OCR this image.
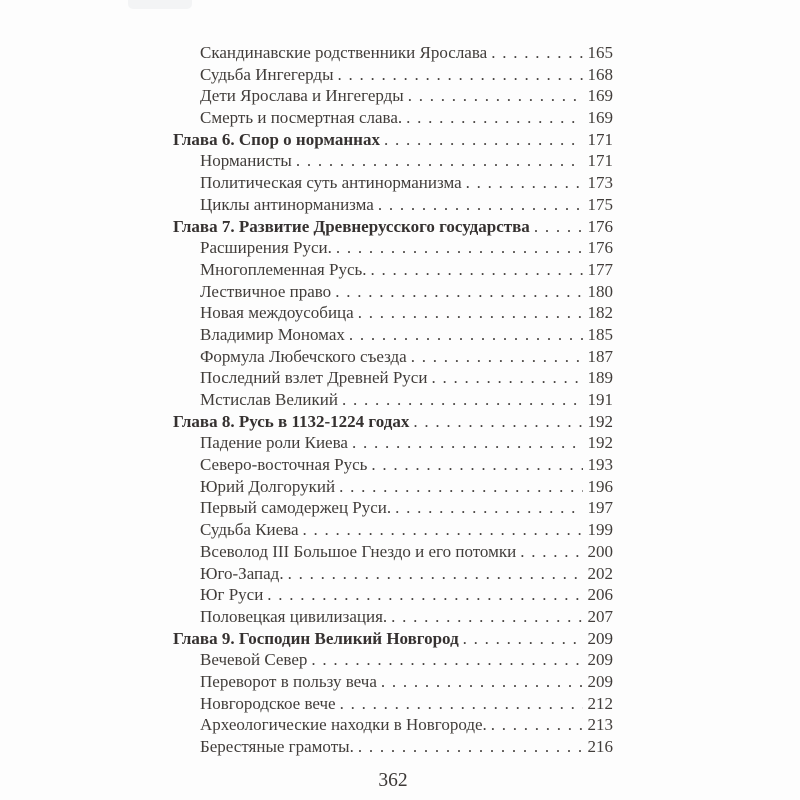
Скандинавские родственники Ярослава . . .	165
Судьба Ингегерды . . .	168
Дети Ярослава и Ингегерды . . .	169
Смерть и посмертная слава. . . .	169
Глава 6. Спор о норманнах . . .	171
Норманисты . . .	171
Политическая суть антинорманизма . . .	173
Циклы антинорманизма . . .	175
Глава 7. Развитие Древнерусского государства . . .	176
Расширения Руси. . . .	176
Многоплеменная Русь. . . .	177
Лествичное право . . .	180
Новая междоусобица . . .	182
Владимир Мономах . . .	185
Формула Любечского съезда . . .	187
Последний взлет Древней Руси . . .	189
Мстислав Великий . . .	191
Глава 8. Русь в 1132-1224 годах . . .	192
Падение роли Киева . . .	192
Северо-восточная Русь . . .	193
Юрий Долгорукий . . .	196
Первый самодержец Руси. . . .	197
Судьба Киева . . .	199
Всеволод III Большое Гнездо и его потомки . . .	200
Юго-Запад. . . .	202
Юг Руси . . .	206
Половецкая цивилизация. . . .	207
Глава 9. Господин Великий Новгород . . .	209
Вечевой Север . . .	209
Переворот в пользу веча . . .	209
Новгородское вече . . .	212
Археологические находки в Новгороде. . . .	213
Берестяные грамоты. . . .	216
362
